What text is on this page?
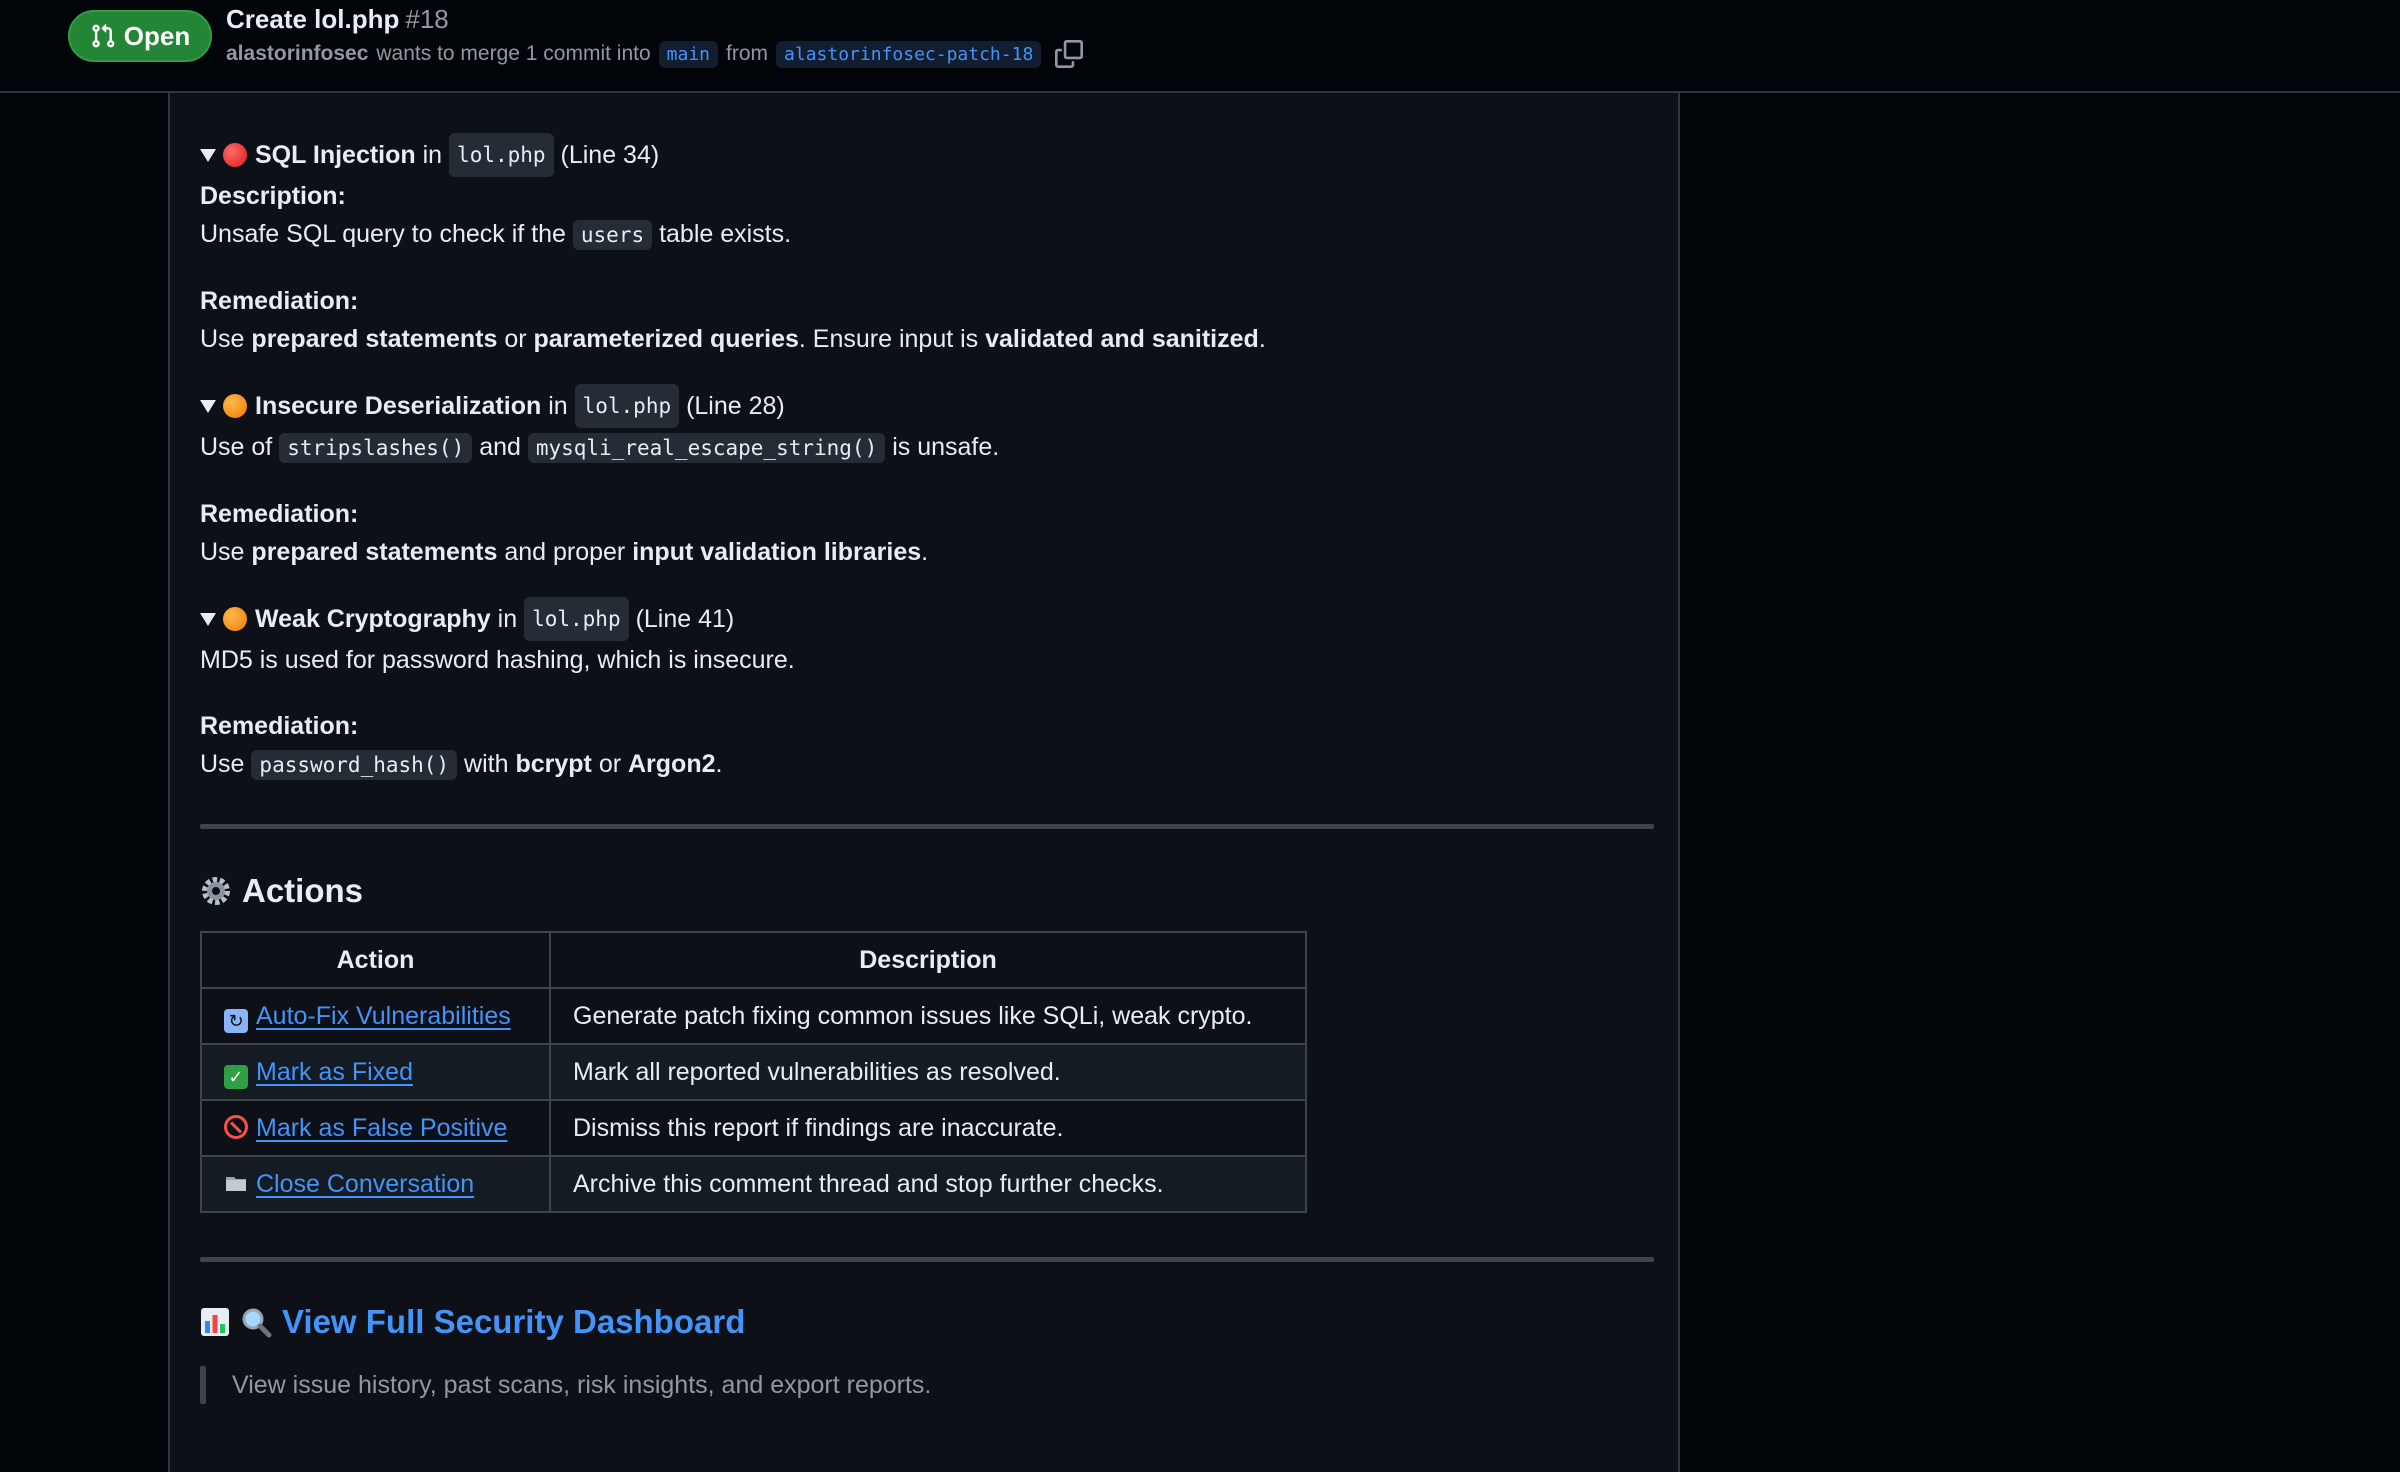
Open
Create lol.php #18
alastorinfosec wants to merge 1 commit into main from alastorinfosec-patch-18
SQL Injection
in
lol.php
(Line 34)

Description:

Unsafe SQL query to check if the users table exists.

Remediation:

Use prepared statements or parameterized queries. Ensure input is validated and sanitized.

Insecure Deserialization
in
lol.php
(Line 28)

Use of stripslashes() and mysqli_real_escape_string() is unsafe.

Remediation:

Use prepared statements and proper input validation libraries.

Weak Cryptography
in
lol.php
(Line 41)

MD5 is used for password hashing, which is insecure.

Remediation:

Use password_hash() with bcrypt or Argon2.

Actions
Action	Description
↻ Auto-Fix Vulnerabilities	Generate patch fixing common issues like SQLi, weak crypto.
✓ Mark as Fixed	Mark all reported vulnerabilities as resolved.
Mark as False Positive	Dismiss this report if findings are inaccurate.
Close Conversation	Archive this comment thread and stop further checks.
View Full Security Dashboard
View issue history, past scans, risk insights, and export reports.
